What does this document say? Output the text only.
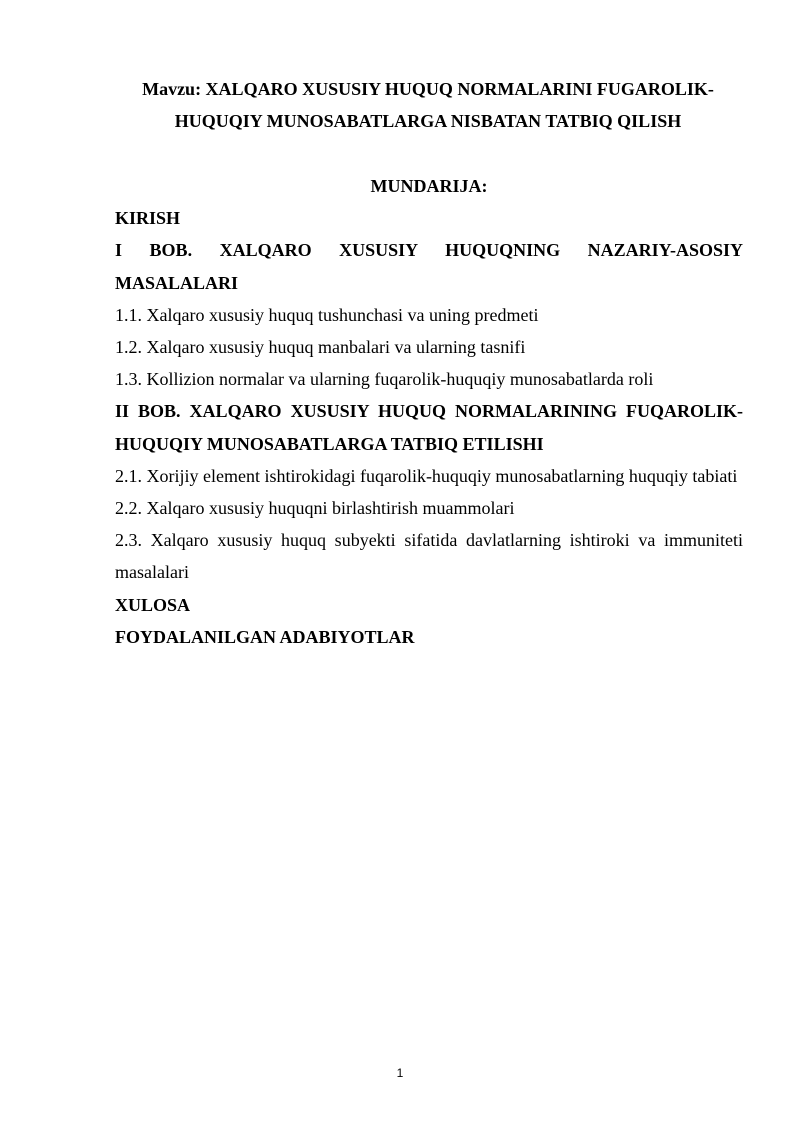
Mavzu: XALQARO XUSUSIY HUQUQ NORMALARINI FUGAROLIK-HUQUQIY MUNOSABATLARGA NISBATAN TATBIQ QILISH

MUNDARIJA:

KIRISH

I BOB. XALQARO XUSUSIY HUQUQNING NAZARIY-ASOSIY MASALALARI

1.1. Xalqaro xususiy huquq tushunchasi va uning predmeti

1.2. Xalqaro xususiy huquq manbalari va ularning tasnifi

1.3. Kollizion normalar va ularning fuqarolik-huquqiy munosabatlarda roli

II BOB. XALQARO XUSUSIY HUQUQ NORMALARINING FUQAROLIK-HUQUQIY MUNOSABATLARGA TATBIQ ETILISHI

2.1. Xorijiy element ishtirokidagi fuqarolik-huquqiy munosabatlarning huquqiy tabiati

2.2. Xalqaro xususiy huquqni birlashtirish muammolari

2.3. Xalqaro xususiy huquq subyekti sifatida davlatlarning ishtiroki va immuniteti masalalari

XULOSA

FOYDALANILGAN ADABIYOTLAR

1
